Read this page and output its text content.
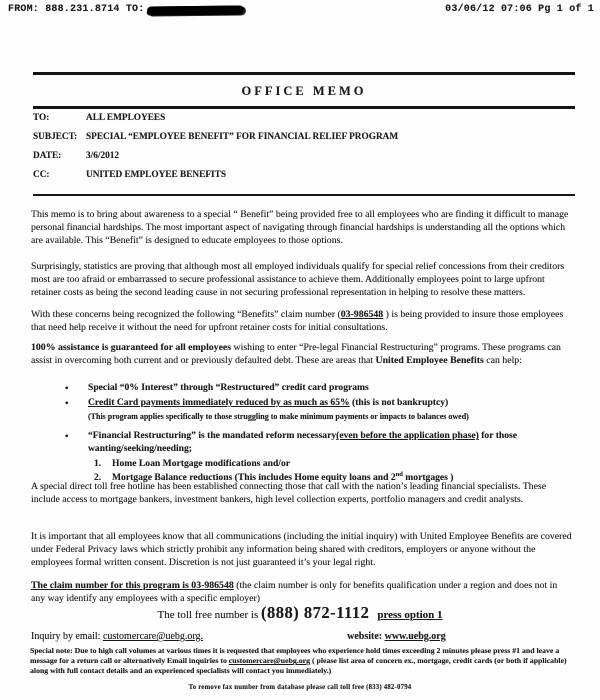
FROM: 888.231.8714 TO:	03/06/12 07:06 Pg 1 of 1
OFFICE MEMO
TO:	ALL EMPLOYEES
SUBJECT: SPECIAL “EMPLOYEE BENEFIT” FOR FINANCIAL RELIEF PROGRAM
DATE:	3/6/2012
CC:	UNITED EMPLOYEE BENEFITS
This memo is to bring about awareness to a special “ Benefit” being provided free to all employees who are finding it difficult to manage personal financial hardships. The most important aspect of navigating through financial hardships is understanding all the options which are available. This “Benefit” is designed to educate employees to those options.
Surprisingly, statistics are proving that although most all employed individuals qualify for special relief concessions from their creditors most are too afraid or embarrassed to secure professional assistance to achieve them. Additionally employees point to large upfront retainer costs as being the second leading cause in not securing professional representation in helping to resolve these matters.
With these concerns being recognized the following “Benefits” claim number (03-986548 ) is being provided to insure those employees that need help receive it without the need for upfront retainer costs for initial consultations.
100% assistance is guaranteed for all employees wishing to enter “Pre-legal Financial Restructuring” programs. These programs can assist in overcoming both current and or previously defaulted debt. These are areas that United Employee Benefits can help:
•	Special “0% Interest” through “Restructured” credit card programs
•	Credit Card payments immediately reduced by as much as 65% (this is not bankruptcy)
(This program applies specifically to those struggling to make minimum payments or impacts to balances owed)
•	“Financial Restructuring” is the mandated reform necessary(even before the application phase) for those wanting/seeking/needing;
1.	Home Loan Mortgage modifications and/or
2.	Mortgage Balance reductions (This includes Home equity loans and 2nd mortgages )
A special direct toll free hotline has been established connecting those that call with the nation’s leading financial specialists. These include access to mortgage bankers, investment bankers, high level collection experts, portfolio managers and credit analysts.
It is important that all employees know that all communications (including the initial inquiry) with United Employee Benefits are covered under Federal Privacy laws which strictly prohibit any information being shared with creditors, employers or anyone without the employees formal written consent. Discretion is not just guaranteed it’s your legal right.
The claim number for this program is 03-986548 (the claim number is only for benefits qualification under a region and does not in any way identify any employees with a specific employer)
The toll free number is (888) 872-1112 press option 1
Inquiry by email: customercare@uebg.org.	website: www.uebg.org
Special note: Due to high call volumes at various times it is requested that employees who experience hold times exceeding 2 minutes please press #1 and leave a message for a return call or alternatively Email inquiries to customercare@uebg.org ( please list area of concern ex., mortgage, credit cards (or both if applicable) along with full contact details and an experienced specialists will contact you immediately.)
To remove fax number from database please call toll free (833) 482-0794
